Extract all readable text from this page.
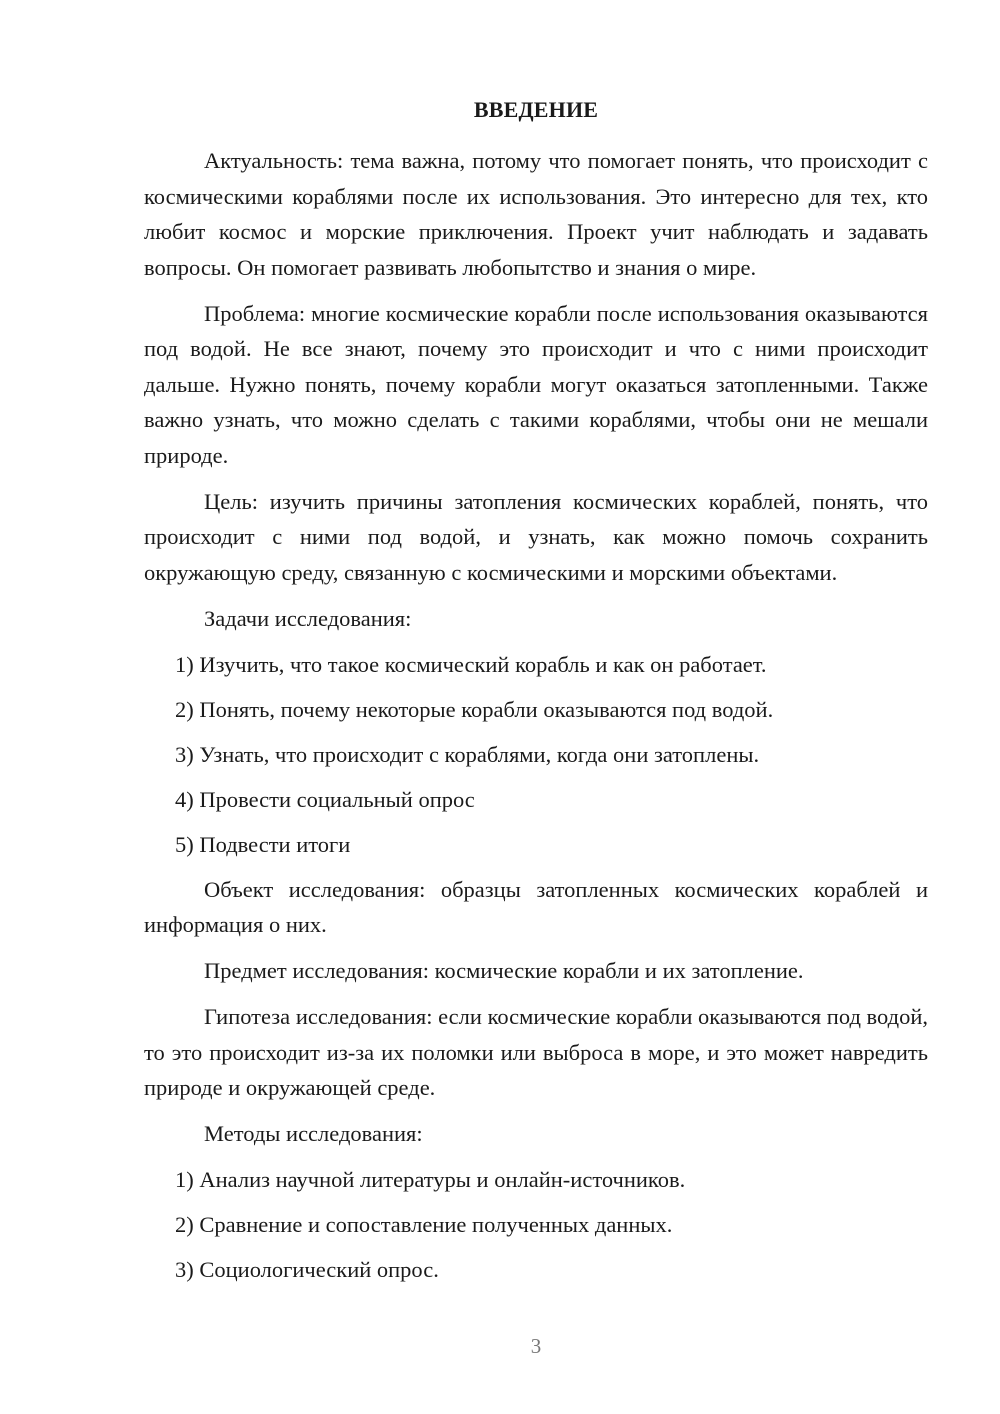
ВВЕДЕНИЕ

Актуальность: тема важна, потому что помогает понять, что происходит с космическими кораблями после их использования. Это интересно для тех, кто любит космос и морские приключения. Проект учит наблюдать и задавать вопросы. Он помогает развивать любопытство и знания о мире.

Проблема: многие космические корабли после использования оказываются под водой. Не все знают, почему это происходит и что с ними происходит дальше. Нужно понять, почему корабли могут оказаться затопленными. Также важно узнать, что можно сделать с такими кораблями, чтобы они не мешали природе.

Цель: изучить причины затопления космических кораблей, понять, что происходит с ними под водой, и узнать, как можно помочь сохранить окружающую среду, связанную с космическими и морскими объектами.

Задачи исследования:

1) Изучить, что такое космический корабль и как он работает.
2) Понять, почему некоторые корабли оказываются под водой.
3) Узнать, что происходит с кораблями, когда они затоплены.
4) Провести социальный опрос
5) Подвести итоги

Объект исследования: образцы затопленных космических кораблей и информация о них.

Предмет исследования: космические корабли и их затопление.

Гипотеза исследования: если космические корабли оказываются под водой, то это происходит из-за их поломки или выброса в море, и это может навредить природе и окружающей среде.

Методы исследования:

1) Анализ научной литературы и онлайн-источников.
2) Сравнение и сопоставление полученных данных.
3) Социологический опрос.
3
